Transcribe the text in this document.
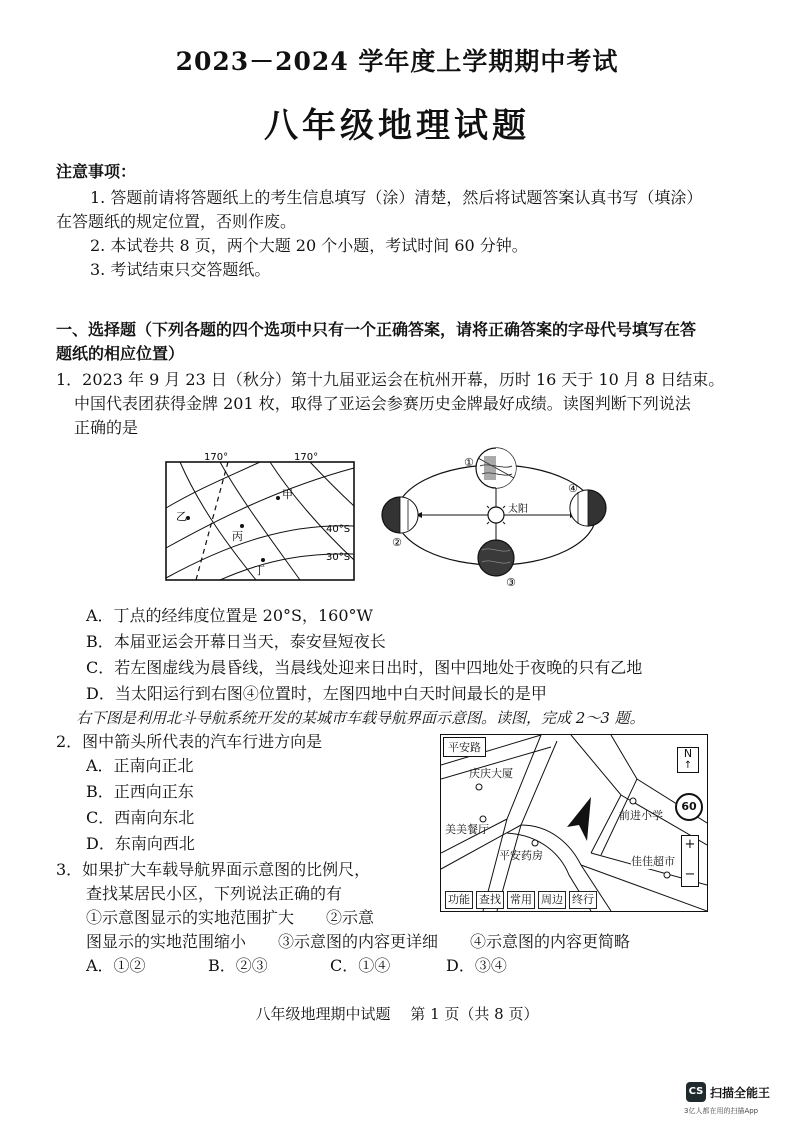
2023－2024 学年度上学期期中考试
八年级地理试题
注意事项：
1. 答题前请将答题纸上的考生信息填写（涂）清楚，然后将试题答案认真书写（填涂）
在答题纸的规定位置，否则作废。
2. 本试卷共 8 页，两个大题 20 个小题，考试时间 60 分钟。
3. 考试结束只交答题纸。
一、选择题（下列各题的四个选项中只有一个正确答案，请将正确答案的字母代号填写在答
题纸的相应位置）
1．2023 年 9 月 23 日（秋分）第十九届亚运会在杭州开幕，历时 16 天于 10 月 8 日结束。
中国代表团获得金牌 201 枚，取得了亚运会参赛历史金牌最好成绩。读图判断下列说法
正确的是
170°	170°
40°S
30°S
甲
乙
丙
丁
太阳
①
②
③
④
A．丁点的经纬度位置是 20°S，160°W
B．本届亚运会开幕日当天，泰安昼短夜长
C．若左图虚线为晨昏线，当晨线处迎来日出时，图中四地处于夜晚的只有乙地
D．当太阳运行到右图④位置时，左图四地中白天时间最长的是甲
右下图是利用北斗导航系统开发的某城市车载导航界面示意图。读图，完成 2～3 题。
2．图中箭头所代表的汽车行进方向是
A．正南向正北
B．正西向正东
C．西南向东北
D．东南向西北
3．如果扩大车载导航界面示意图的比例尺，
查找某居民小区，下列说法正确的有
①示意图显示的实地范围扩大　　②示意
图显示的实地范围缩小　　③示意图的内容更详细　　④示意图的内容更简略
A．①②	B．②③	C．①④	D．③④
平安路
庆庆大厦
美美餐厅
平安药房
前进小学
佳佳超市
N
↑
60
+
−
功能 查找 常用 周边 终行
八年级地理期中试题　 第 1 页（共 8 页）
CS 扫描全能王
3亿人都在用的扫描App
